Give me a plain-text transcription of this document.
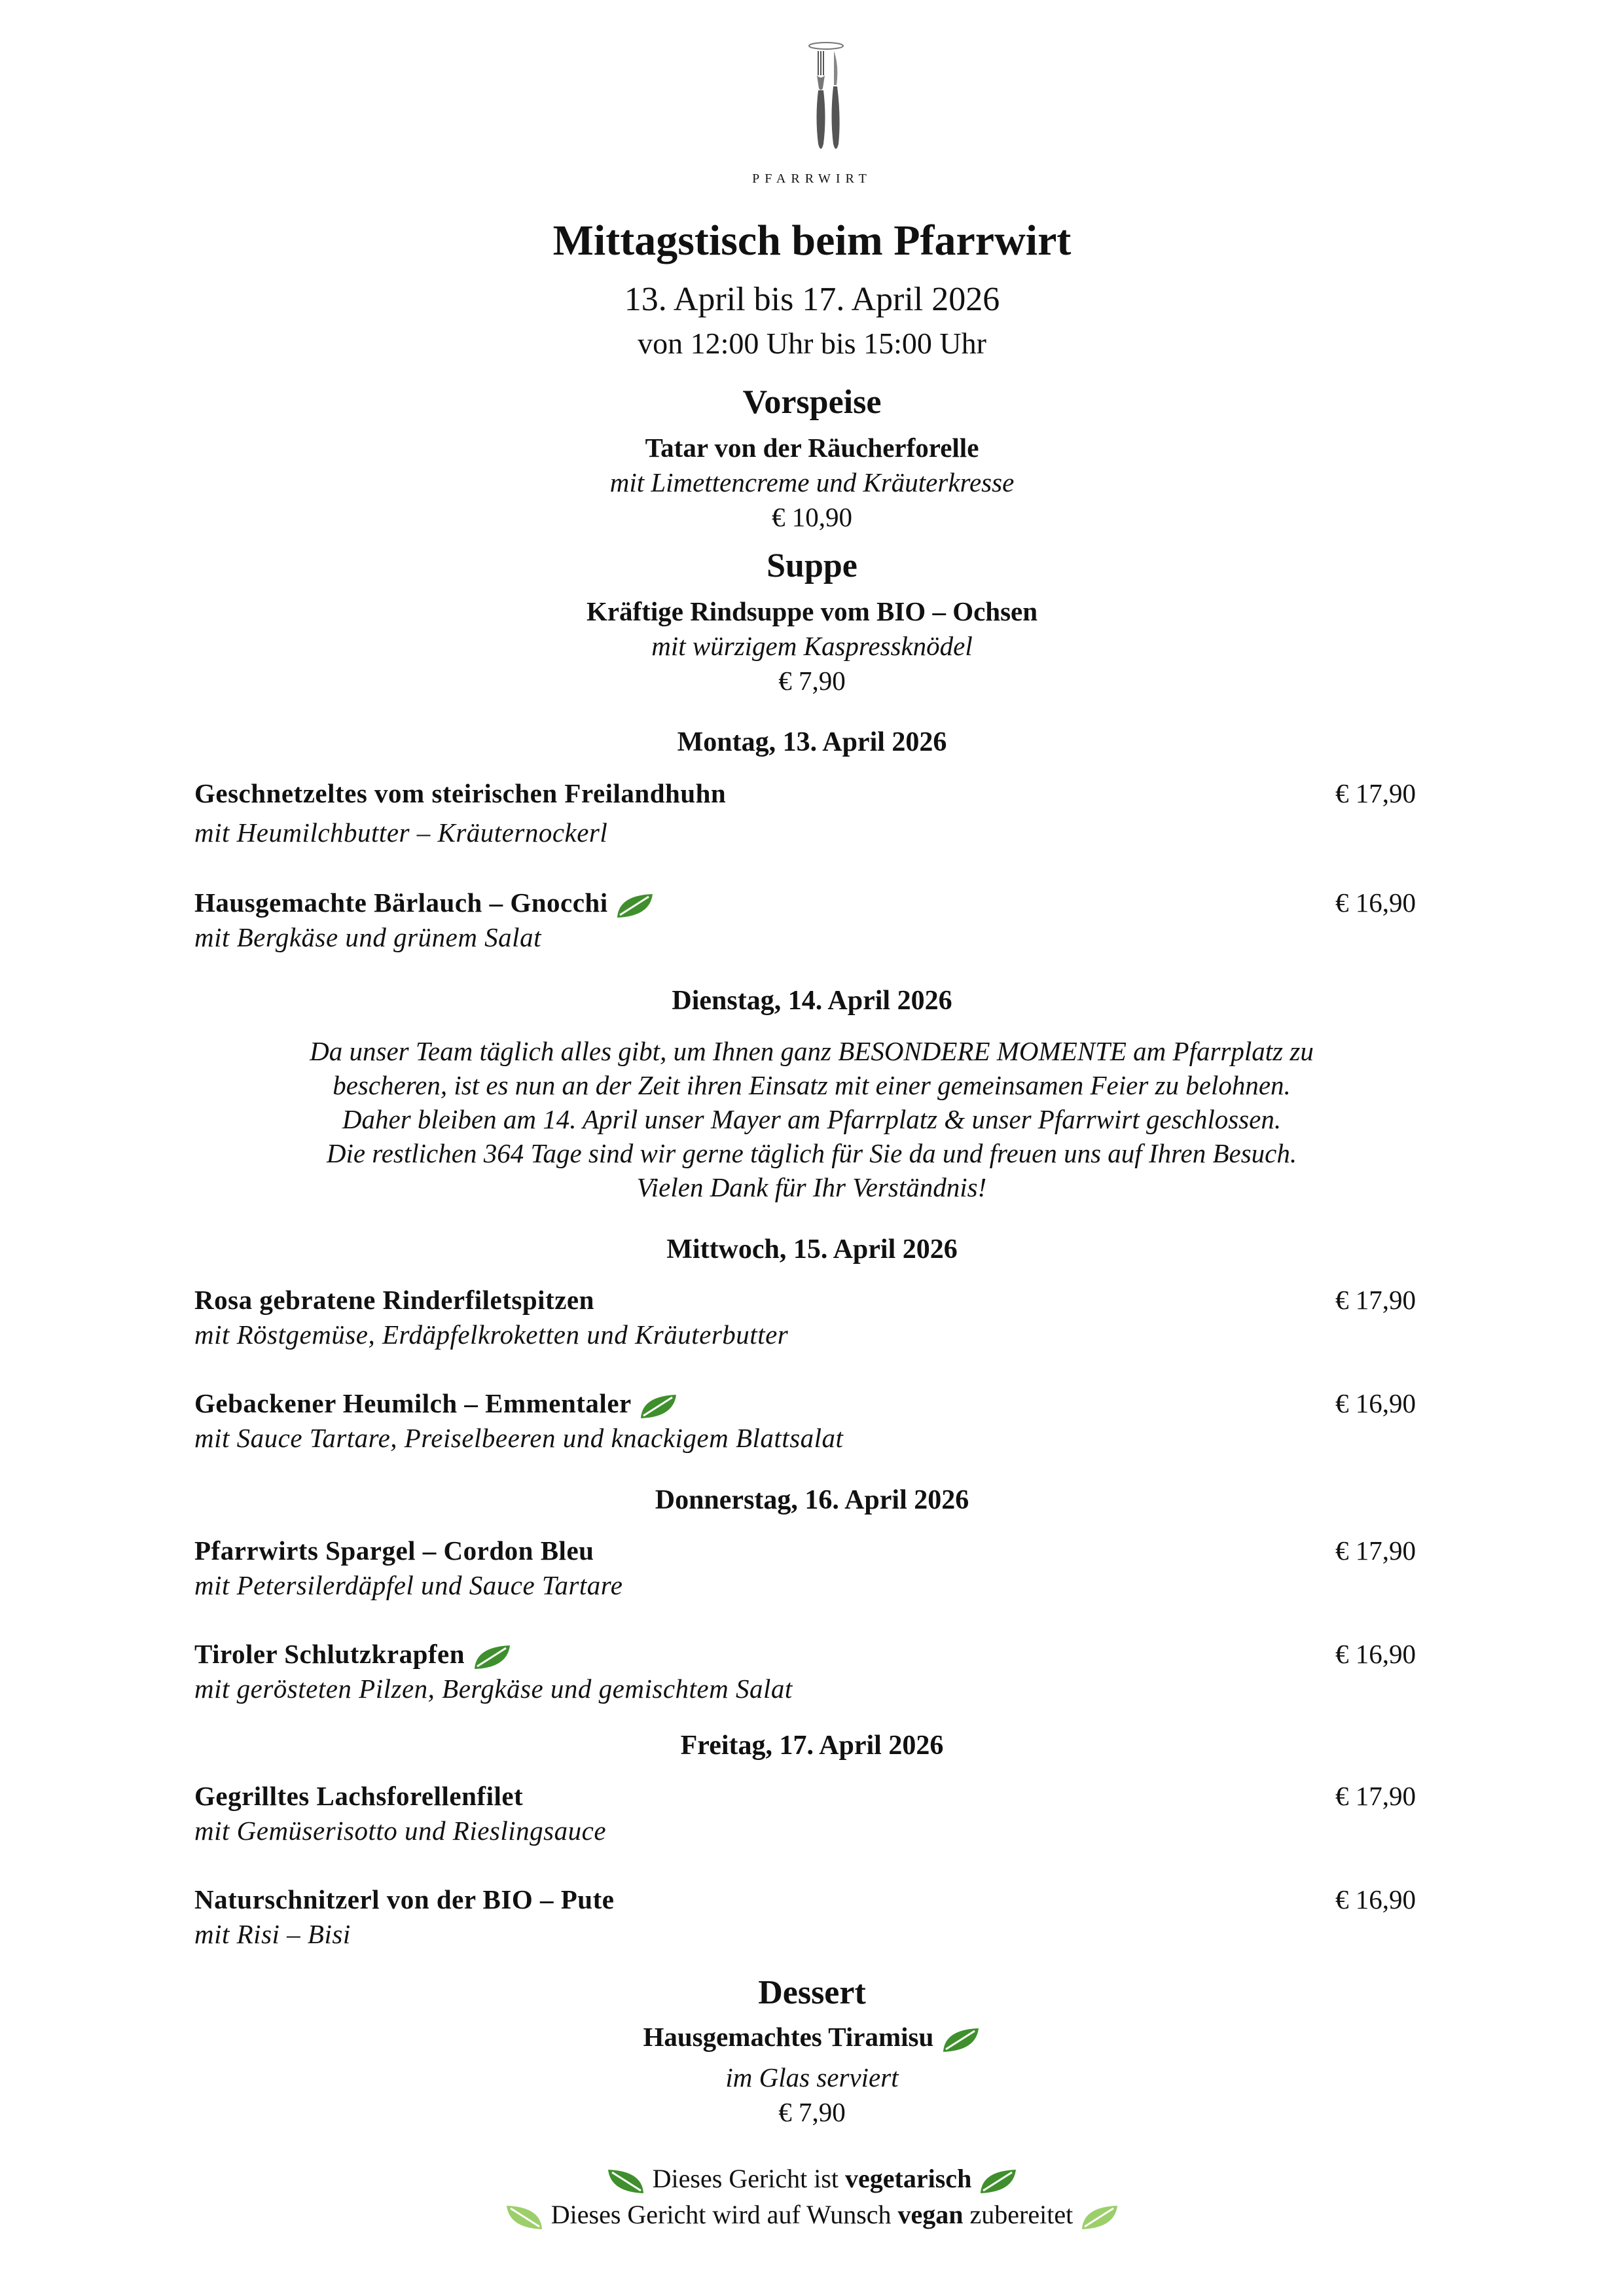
PFARRWIRT
Mittagstisch beim Pfarrwirt
13. April bis 17. April 2026
von 12:00 Uhr bis 15:00 Uhr
Vorspeise
Tatar von der Räucherforelle
mit Limettencreme und Kräuterkresse
€ 10,90
Suppe
Kräftige Rindsuppe vom BIO – Ochsen
mit würzigem Kaspressknödel
€ 7,90
Montag, 13. April 2026
Geschnetzeltes vom steirischen Freilandhuhn	€ 17,90
mit Heumilchbutter – Kräuternockerl
Hausgemachte Bärlauch – Gnocchi	€ 16,90
mit Bergkäse und grünem Salat
Dienstag, 14. April 2026
Da unser Team täglich alles gibt, um Ihnen ganz BESONDERE MOMENTE am Pfarrplatz zu
bescheren, ist es nun an der Zeit ihren Einsatz mit einer gemeinsamen Feier zu belohnen.
Daher bleiben am 14. April unser Mayer am Pfarrplatz & unser Pfarrwirt geschlossen.
Die restlichen 364 Tage sind wir gerne täglich für Sie da und freuen uns auf Ihren Besuch.
Vielen Dank für Ihr Verständnis!
Mittwoch, 15. April 2026
Rosa gebratene Rinderfiletspitzen	€ 17,90
mit Röstgemüse, Erdäpfelkroketten und Kräuterbutter
Gebackener Heumilch – Emmentaler	€ 16,90
mit Sauce Tartare, Preiselbeeren und knackigem Blattsalat
Donnerstag, 16. April 2026
Pfarrwirts Spargel – Cordon Bleu	€ 17,90
mit Petersilerdäpfel und Sauce Tartare
Tiroler Schlutzkrapfen	€ 16,90
mit gerösteten Pilzen, Bergkäse und gemischtem Salat
Freitag, 17. April 2026
Gegrilltes Lachsforellenfilet	€ 17,90
mit Gemüserisotto und Rieslingsauce
Naturschnitzerl von der BIO – Pute	€ 16,90
mit Risi – Bisi
Dessert
Hausgemachtes Tiramisu
im Glas serviert
€ 7,90
Dieses Gericht ist vegetarisch
Dieses Gericht wird auf Wunsch vegan zubereitet
